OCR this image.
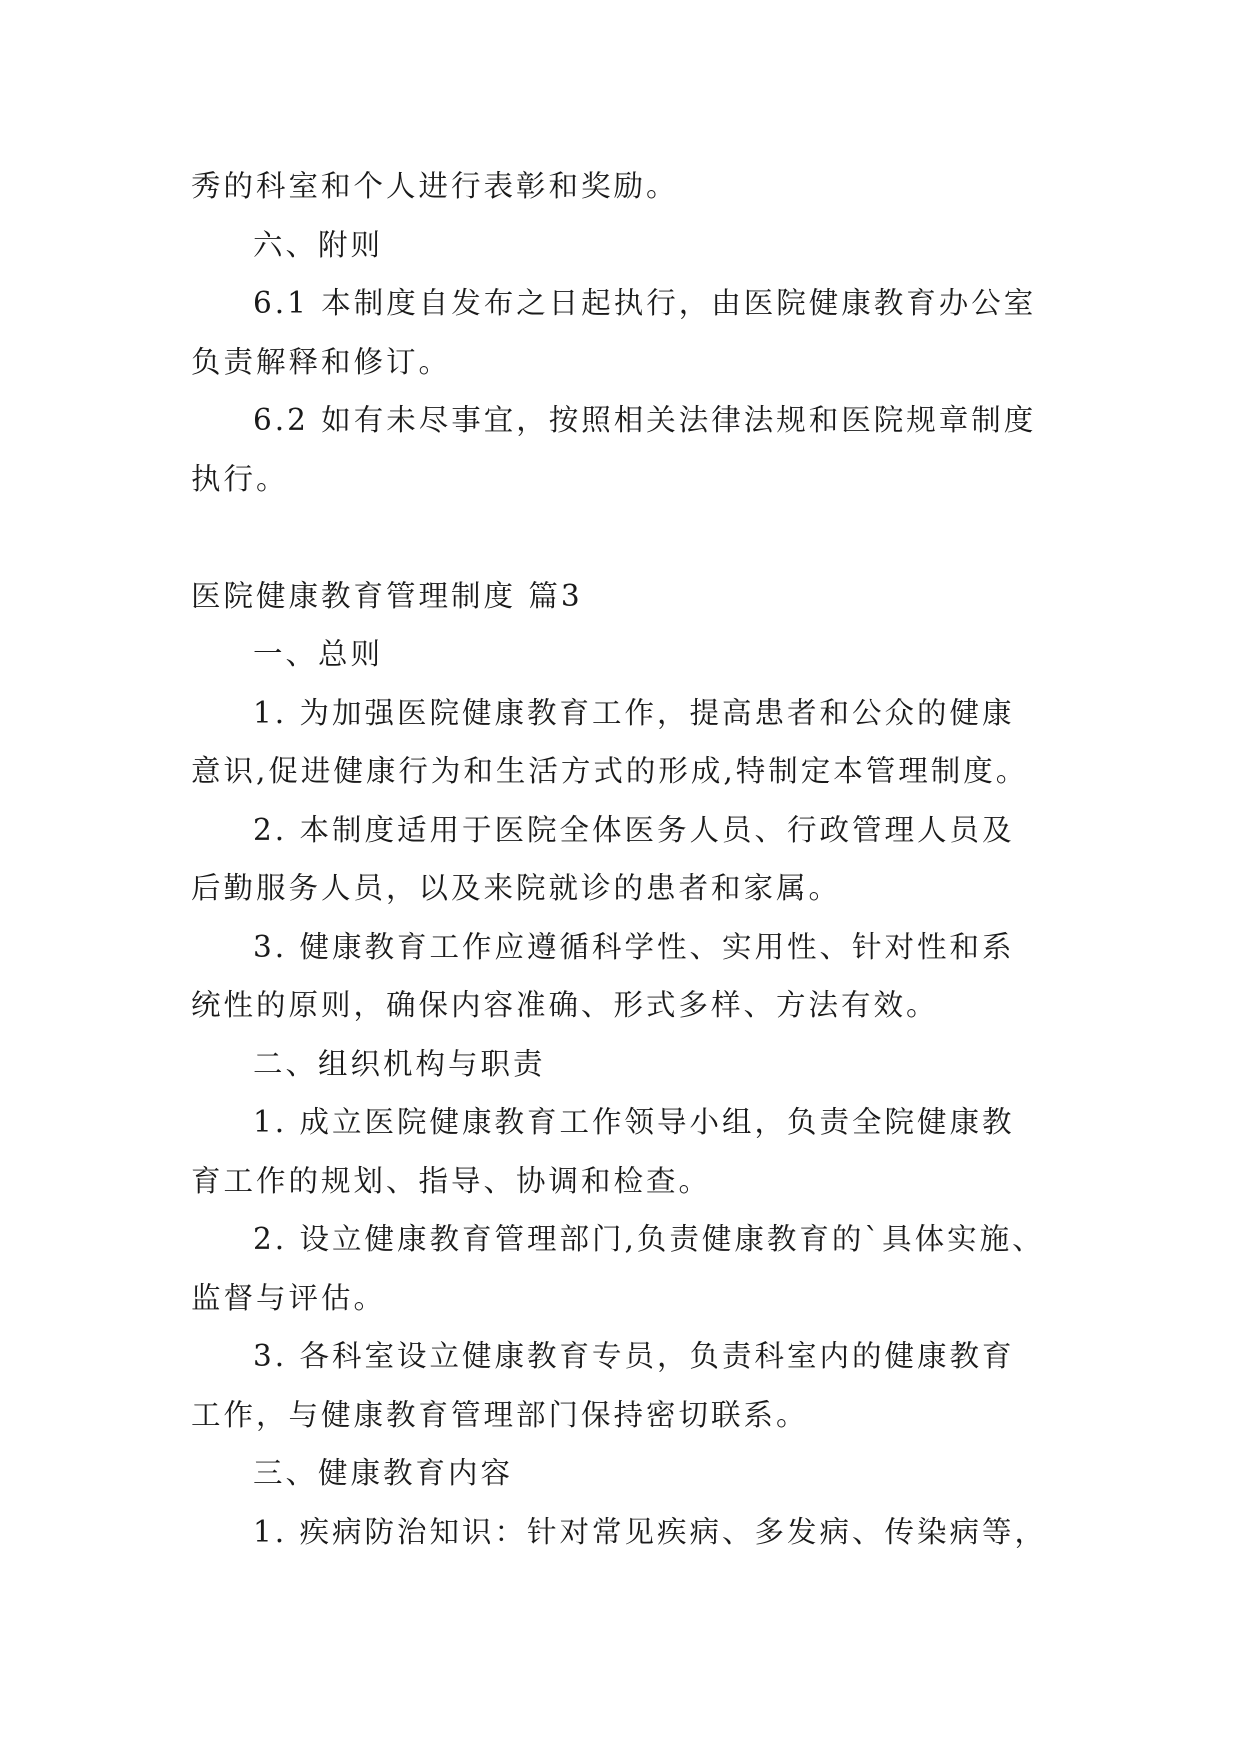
秀的科室和个人进行表彰和奖励。
六、附则
6.1 本制度自发布之日起执行，由医院健康教育办公室
负责解释和修订。
6.2 如有未尽事宜，按照相关法律法规和医院规章制度
执行。
医院健康教育管理制度 篇3
一、总则
1. 为加强医院健康教育工作，提高患者和公众的健康
意识,促进健康行为和生活方式的形成,特制定本管理制度。
2. 本制度适用于医院全体医务人员、行政管理人员及
后勤服务人员，以及来院就诊的患者和家属。
3. 健康教育工作应遵循科学性、实用性、针对性和系
统性的原则，确保内容准确、形式多样、方法有效。
二、组织机构与职责
1. 成立医院健康教育工作领导小组，负责全院健康教
育工作的规划、指导、协调和检查。
2. 设立健康教育管理部门,负责健康教育的`具体实施、
监督与评估。
3. 各科室设立健康教育专员，负责科室内的健康教育
工作，与健康教育管理部门保持密切联系。
三、健康教育内容
1. 疾病防治知识：针对常见疾病、多发病、传染病等，
